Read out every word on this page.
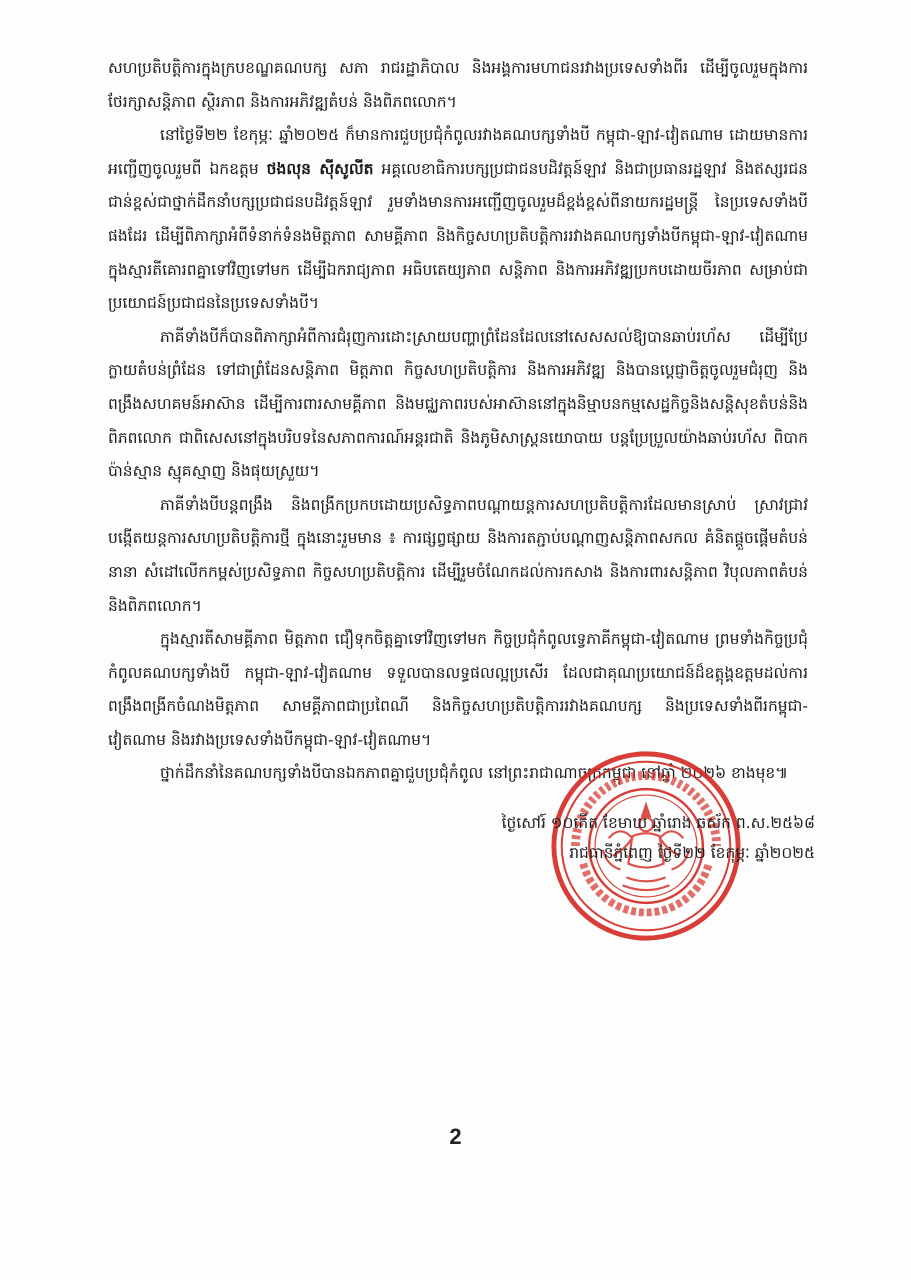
សហប្រតិបត្តិការក្នុងក្របខណ្ឌគណបក្ស សភា រាជរដ្ឋាភិបាល និងអង្គការមហាជនរវាងប្រទេសទាំងពីរ ដើម្បីចូលរួមក្នុងការថែរក្សាសន្តិភាព ស្ថិរភាព និងការអភិវឌ្ឍតំបន់ និងពិភពលោក។

នៅថ្ងៃទី២២ ខែកុម្ភៈ ឆ្នាំ២០២៥ ក៏មានការជួបប្រជុំកំពូលរវាងគណបក្សទាំងបី កម្ពុជា-ឡាវ-វៀតណាម ដោយមានការអញ្ជើញចូលរួមពី ឯកឧត្តម ថងលុន ស៊ីសូលីត អគ្គលេខាធិការបក្សប្រជាជនបដិវត្តន៍ឡាវ និងជាប្រធានរដ្ឋឡាវ និងឥស្សរជនជាន់ខ្ពស់ជាថ្នាក់ដឹកនាំបក្សប្រជាជនបដិវត្តន៍ឡាវ រួមទាំងមានការអញ្ជើញចូលរួមដ៏ខ្ពង់ខ្ពស់ពីនាយករដ្ឋមន្ត្រី នៃប្រទេសទាំងបី ផងដែរ ដើម្បីពិភាក្សាអំពីទំនាក់ទំនងមិត្តភាព សាមគ្គីភាព និងកិច្ចសហប្រតិបត្តិការរវាងគណបក្សទាំងបីកម្ពុជា-ឡាវ-វៀតណាម ក្នុងស្មារតីគោរពគ្នាទៅវិញទៅមក ដើម្បីឯករាជ្យភាព អធិបតេយ្យភាព សន្តិភាព និងការអភិវឌ្ឍប្រកបដោយចីរភាព សម្រាប់ជាប្រយោជន៍ប្រជាជននៃប្រទេសទាំងបី។

ភាគីទាំងបីក៏បានពិភាក្សាអំពីការជំរុញការដោះស្រាយបញ្ហាព្រំដែនដែលនៅសេសសល់ឱ្យបានឆាប់រហ័ស ដើម្បីប្រែក្លាយតំបន់ព្រំដែន ទៅជាព្រំដែនសន្តិភាព មិត្តភាព កិច្ចសហប្រតិបត្តិការ និងការអភិវឌ្ឍ និងបានប្ដេជ្ញាចិត្តចូលរួមជំរុញ និងពង្រឹងសហគមន៍អាស៊ាន ដើម្បីការពារសាមគ្គីភាព និងមជ្ឈភាពរបស់អាស៊ាននៅក្នុងនិម្មាបនកម្មសេដ្ឋកិច្ចនិងសន្តិសុខតំបន់និងពិភពលោក ជាពិសេសនៅក្នុងបរិបទនៃសភាពការណ៍អន្តរជាតិ និងភូមិសាស្ត្រនយោបាយ បន្តប្រែប្រួលយ៉ាងឆាប់រហ័ស ពិបាកប៉ាន់ស្មាន ស្មុគស្មាញ និងផុយស្រួយ។

ភាគីទាំងបីបន្តពង្រឹង និងពង្រីកប្រកបដោយប្រសិទ្ធភាពបណ្តាយន្តការសហប្រតិបត្តិការដែលមានស្រាប់ ស្រាវជ្រាវបង្កើតយន្តការសហប្រតិបត្តិការថ្មី ក្នុងនោះរួមមាន ៖ ការផ្សព្វផ្សាយ និងការតភ្ជាប់បណ្តាញសន្តិភាពសកល គំនិតផ្តួចផ្តើមតំបន់នានា សំដៅលើកកម្ពស់ប្រសិទ្ធភាព កិច្ចសហប្រតិបត្តិការ ដើម្បីរួមចំណែកដល់ការកសាង និងការពារសន្តិភាព វិបុលភាពតំបន់ និងពិភពលោក។

ក្នុងស្មារតីសាមគ្គីភាព មិត្តភាព ជឿទុកចិត្តគ្នាទៅវិញទៅមក កិច្ចប្រជុំកំពូលទ្វេភាគីកម្ពុជា-វៀតណាម ព្រមទាំងកិច្ចប្រជុំកំពូលគណបក្សទាំងបី កម្ពុជា-ឡាវ-វៀតណាម ទទួលបានលទ្ធផលល្អប្រសើរ ដែលជាគុណប្រយោជន៍ដ៏ឧត្តុង្គឧត្តមដល់ការពង្រឹងពង្រីកចំណងមិត្តភាព សាមគ្គីភាពជាប្រពៃណី និងកិច្ចសហប្រតិបត្តិការរវាងគណបក្ស និងប្រទេសទាំងពីរកម្ពុជា-វៀតណាម និងរវាងប្រទេសទាំងបីកម្ពុជា-ឡាវ-វៀតណាម។

ថ្នាក់ដឹកនាំនៃគណបក្សទាំងបីបានឯកភាពគ្នាជួបប្រជុំកំពូល នៅព្រះរាជាណាចក្រកម្ពុជា នៅឆ្នាំ ២០២៦ ខាងមុខ៕

ថ្ងៃសៅរ៍ ១០កើត ខែមាឃ ឆ្នាំរោង ឆស័ក ព.ស.២៥៦៨
រាជធានីភ្នំពេញ ថ្ងៃទី២២ ខែកុម្ភៈ ឆ្នាំ២០២៥
2
